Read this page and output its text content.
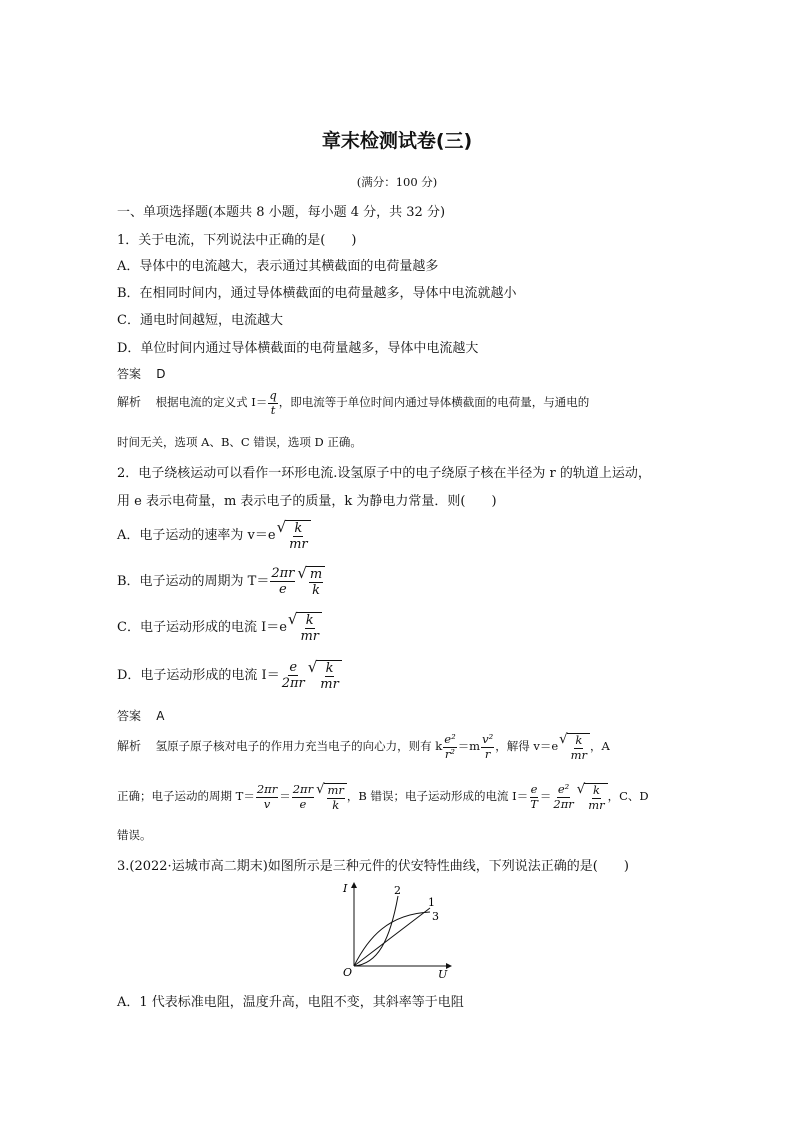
章末检测试卷(三)
(满分：100 分)
一、单项选择题(本题共 8 小题，每小题 4 分，共 32 分)
1．关于电流，下列说法中正确的是(　　)
A．导体中的电流越大，表示通过其横截面的电荷量越多
B．在相同时间内，通过导体横截面的电荷量越多，导体中电流就越小
C．通电时间越短，电流越大
D．单位时间内通过导体横截面的电荷量越多，导体中电流越大
答案 D
解析 根据电流的定义式 $I= \frac{q}{t}$ ，即电流等于单位时间内通过导体横截面的电荷量，与通电的
时间无关，选项 A、B、C 错误，选项 D 正确。
2．电子绕核运动可以看作一环形电流.设氢原子中的电子绕原子核在半径为 r 的轨道上运动，
用 e 表示电荷量，m 表示电子的质量，k 为静电力常量．则(　　)
A．电子运动的速率为 v＝e √ $\frac{k}{mr}$
B．电子运动的周期为 $T= \frac{2\pi r}{e}$ √ $\frac{m}{k}$
C．电子运动形成的电流 I＝e √ $\frac{k}{mr}$
D．电子运动形成的电流 $I= \frac{e}{2\pi r}$ √ $\frac{k}{mr}$
答案 A
解析 氢原子原子核对电子的作用力充当电子的向心力，则有 k $\frac{\text{e²}}{\text{r²}} =m \frac{\text{v²}}{r}$ ，解得 v＝e √ $\frac{k}{mr}$ ，A
正确；电子运动的周期 $T= \frac{2\pi r}{v} = \frac{2\pi r}{e}$ √ $\frac{mr}{k}$ ，B 错误；电子运动形成的电流 $I= \frac{e}{T} = \frac{\text{e²}}{2\pi r}$ √ $\frac{k}{mr}$ ，C、D
错误。
3.(2022·运城市高二期末)如图所示是三种元件的伏安特性曲线，下列说法正确的是(　　)
I
U
O
2
1
3
A．1 代表标准电阻，温度升高，电阻不变，其斜率等于电阻
